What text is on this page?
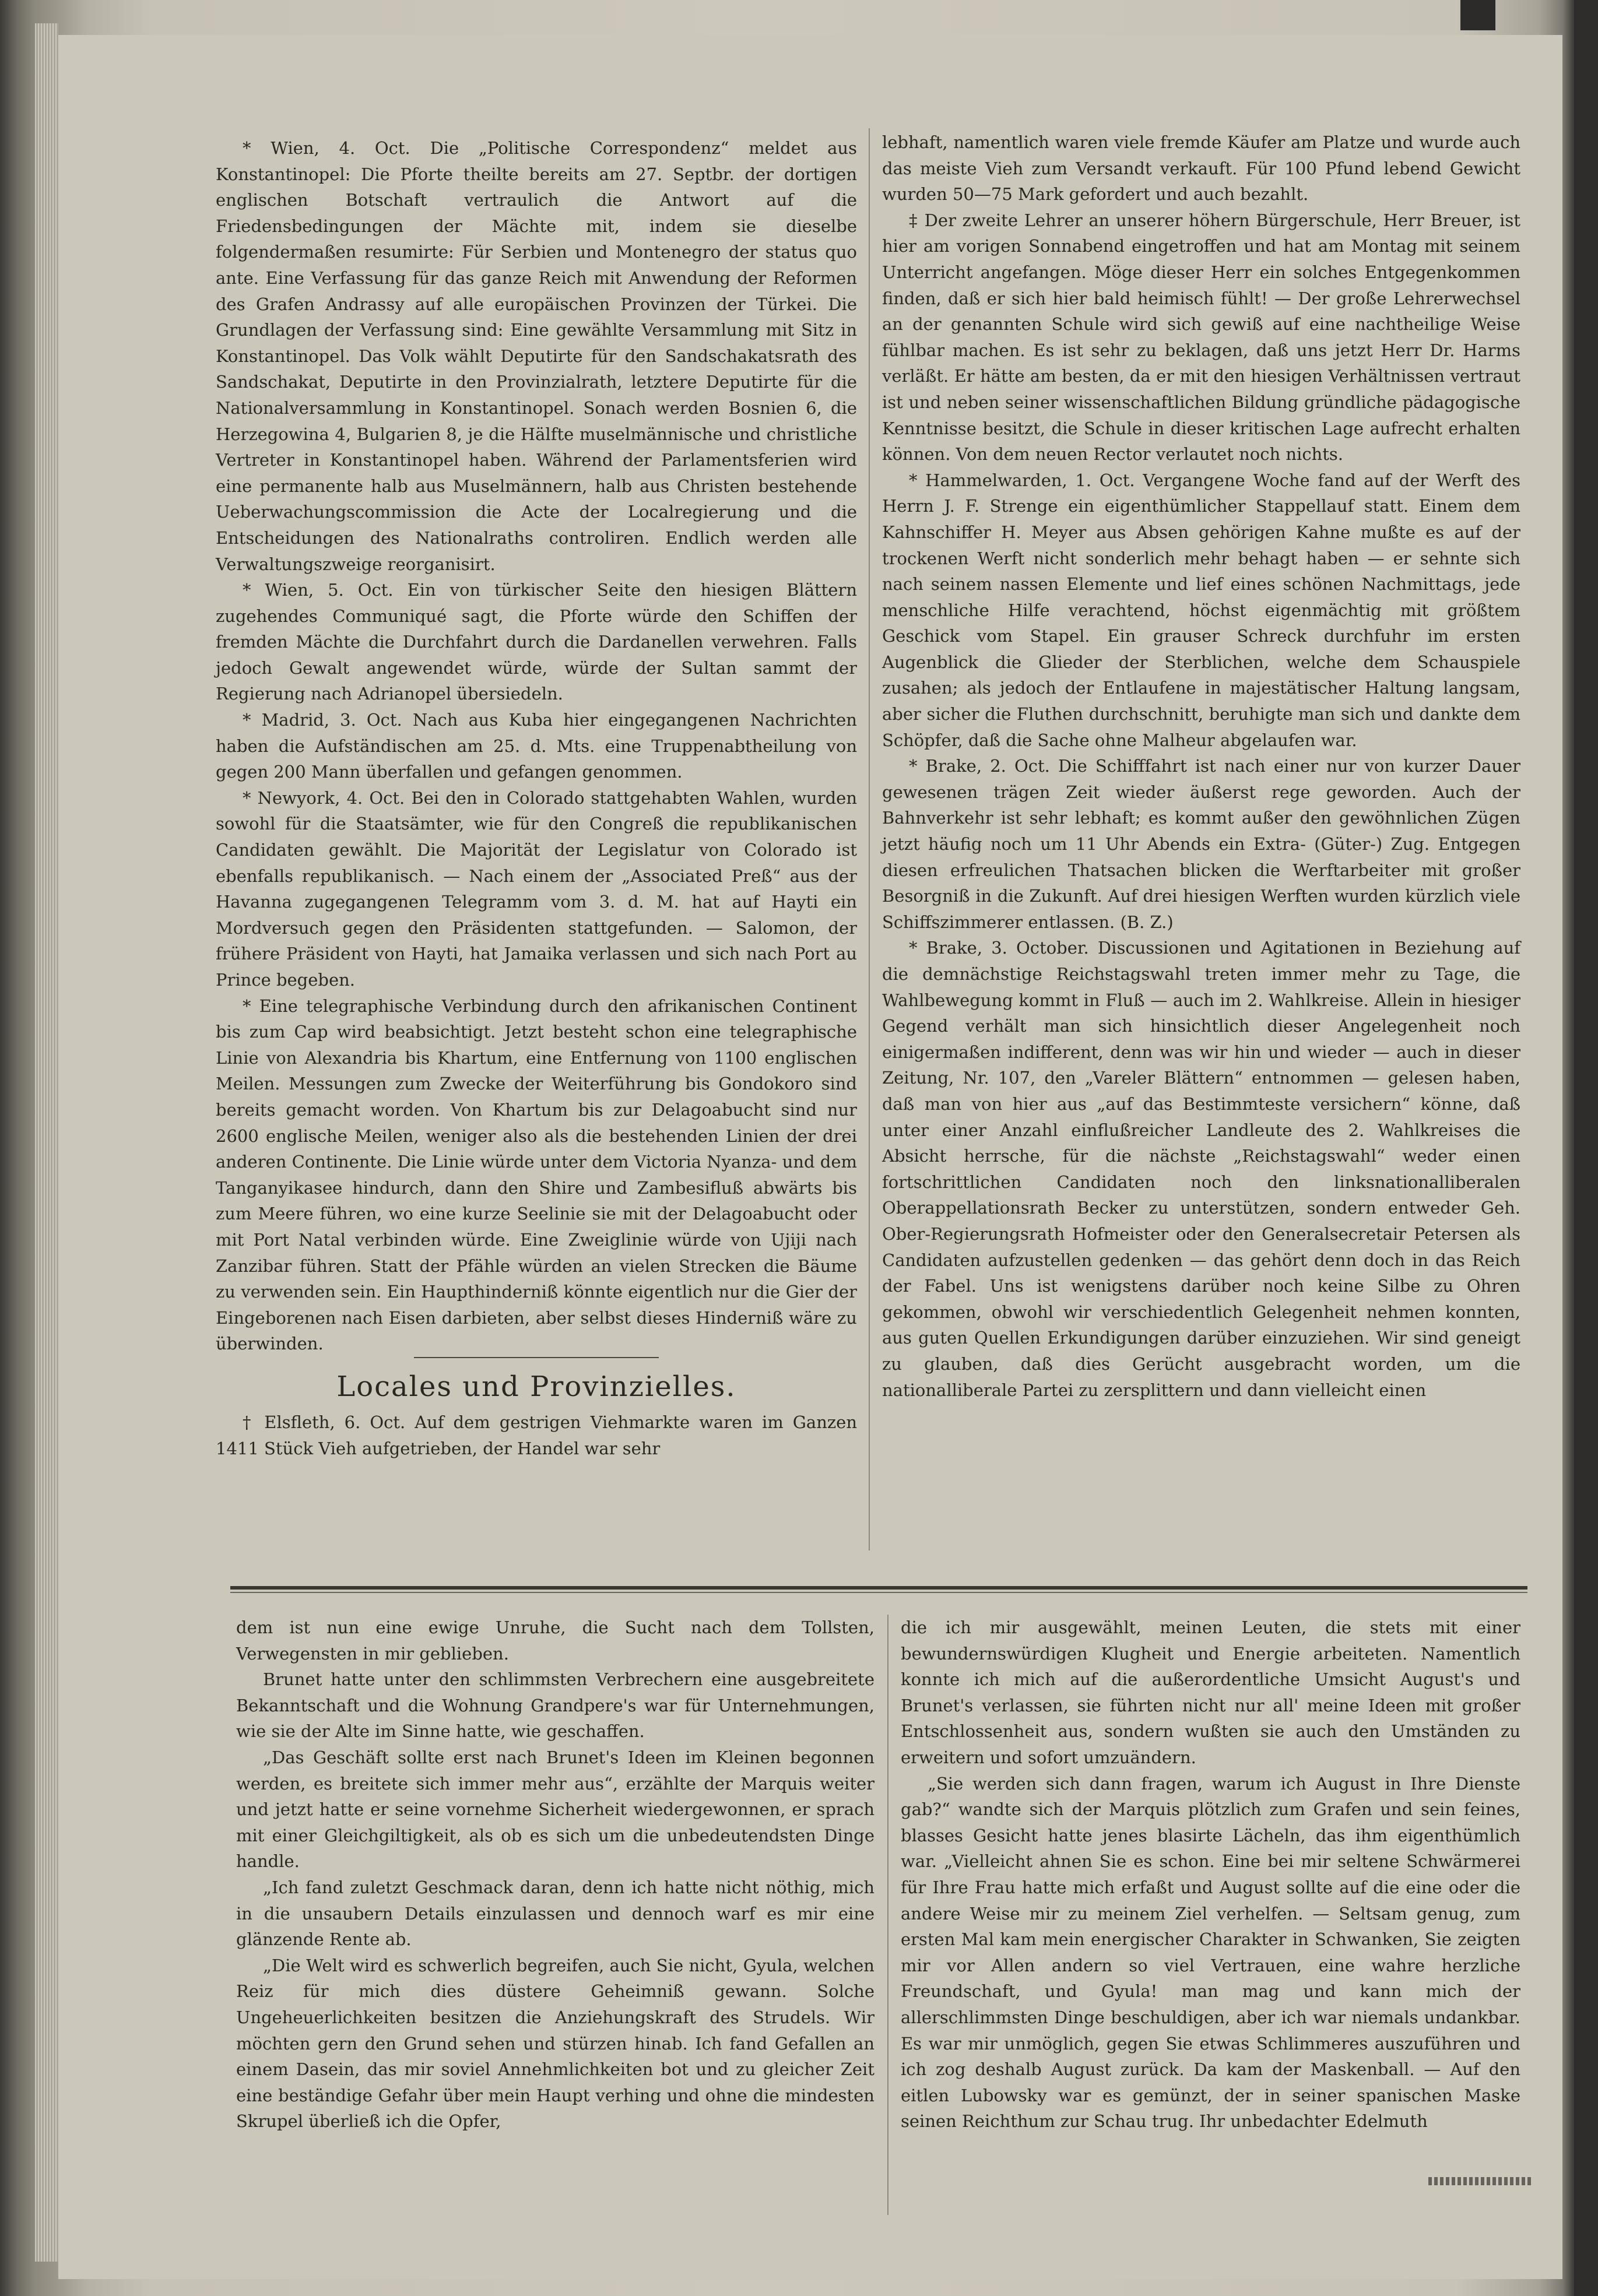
* Wien, 4. Oct. Die „Politische Correspondenz“ meldet aus Konstantinopel: Die Pforte theilte bereits am 27. Septbr. der dortigen englischen Botschaft vertraulich die Antwort auf die Friedensbedingungen der Mächte mit, indem sie dieselbe folgendermaßen resumirte: Für Serbien und Montenegro der status quo ante. Eine Verfassung für das ganze Reich mit Anwendung der Reformen des Grafen Andrassy auf alle europäischen Provinzen der Türkei. Die Grundlagen der Verfassung sind: Eine gewählte Versammlung mit Sitz in Konstantinopel. Das Volk wählt Deputirte für den Sandschakatsrath des Sandschakat, Deputirte in den Provinzialrath, letztere Deputirte für die Nationalversammlung in Konstantinopel. Sonach werden Bosnien 6, die Herzegowina 4, Bulgarien 8, je die Hälfte muselmännische und christliche Vertreter in Konstantinopel haben. Während der Parlamentsferien wird eine permanente halb aus Muselmännern, halb aus Christen bestehende Ueberwachungscommission die Acte der Localregierung und die Entscheidungen des Nationalraths controliren. Endlich werden alle Verwaltungszweige reorganisirt.

* Wien, 5. Oct. Ein von türkischer Seite den hiesigen Blättern zugehendes Communiqué sagt, die Pforte würde den Schiffen der fremden Mächte die Durchfahrt durch die Dardanellen verwehren. Falls jedoch Gewalt angewendet würde, würde der Sultan sammt der Regierung nach Adrianopel übersiedeln.

* Madrid, 3. Oct. Nach aus Kuba hier eingegangenen Nachrichten haben die Aufständischen am 25. d. Mts. eine Truppenabtheilung von gegen 200 Mann überfallen und gefangen genommen.

* Newyork, 4. Oct. Bei den in Colorado stattgehabten Wahlen, wurden sowohl für die Staatsämter, wie für den Congreß die republikanischen Candidaten gewählt. Die Majorität der Legislatur von Colorado ist ebenfalls republikanisch. — Nach einem der „Associated Preß“ aus der Havanna zugegangenen Telegramm vom 3. d. M. hat auf Hayti ein Mordversuch gegen den Präsidenten stattgefunden. — Salomon, der frühere Präsident von Hayti, hat Jamaika verlassen und sich nach Port au Prince begeben.

* Eine telegraphische Verbindung durch den afrikanischen Continent bis zum Cap wird beabsichtigt. Jetzt besteht schon eine telegraphische Linie von Alexandria bis Khartum, eine Entfernung von 1100 englischen Meilen. Messungen zum Zwecke der Weiterführung bis Gondokoro sind bereits gemacht worden. Von Khartum bis zur Delagoabucht sind nur 2600 englische Meilen, weniger also als die bestehenden Linien der drei anderen Continente. Die Linie würde unter dem Victoria Nyanza- und dem Tanganyikasee hindurch, dann den Shire und Zambesifluß abwärts bis zum Meere führen, wo eine kurze Seelinie sie mit der Delagoabucht oder mit Port Natal verbinden würde. Eine Zweiglinie würde von Ujiji nach Zanzibar führen. Statt der Pfähle würden an vielen Strecken die Bäume zu verwenden sein. Ein Haupthinderniß könnte eigentlich nur die Gier der Eingeborenen nach Eisen darbieten, aber selbst dieses Hinderniß wäre zu überwinden.

Locales und Provinzielles.

† Elsfleth, 6. Oct. Auf dem gestrigen Viehmarkte waren im Ganzen 1411 Stück Vieh aufgetrieben, der Handel war sehr

lebhaft, namentlich waren viele fremde Käufer am Platze und wurde auch das meiste Vieh zum Versandt verkauft. Für 100 Pfund lebend Gewicht wurden 50—75 Mark gefordert und auch bezahlt.

‡ Der zweite Lehrer an unserer höhern Bürgerschule, Herr Breuer, ist hier am vorigen Sonnabend eingetroffen und hat am Montag mit seinem Unterricht angefangen. Möge dieser Herr ein solches Entgegenkommen finden, daß er sich hier bald heimisch fühlt! — Der große Lehrerwechsel an der genannten Schule wird sich gewiß auf eine nachtheilige Weise fühlbar machen. Es ist sehr zu beklagen, daß uns jetzt Herr Dr. Harms verläßt. Er hätte am besten, da er mit den hiesigen Verhältnissen vertraut ist und neben seiner wissenschaftlichen Bildung gründliche pädagogische Kenntnisse besitzt, die Schule in dieser kritischen Lage aufrecht erhalten können. Von dem neuen Rector verlautet noch nichts.

* Hammelwarden, 1. Oct. Vergangene Woche fand auf der Werft des Herrn J. F. Strenge ein eigenthümlicher Stappellauf statt. Einem dem Kahnschiffer H. Meyer aus Absen gehörigen Kahne mußte es auf der trockenen Werft nicht sonderlich mehr behagt haben — er sehnte sich nach seinem nassen Elemente und lief eines schönen Nachmittags, jede menschliche Hilfe verachtend, höchst eigenmächtig mit größtem Geschick vom Stapel. Ein grauser Schreck durchfuhr im ersten Augenblick die Glieder der Sterblichen, welche dem Schauspiele zusahen; als jedoch der Entlaufene in majestätischer Haltung langsam, aber sicher die Fluthen durchschnitt, beruhigte man sich und dankte dem Schöpfer, daß die Sache ohne Malheur abgelaufen war.

* Brake, 2. Oct. Die Schifffahrt ist nach einer nur von kurzer Dauer gewesenen trägen Zeit wieder äußerst rege geworden. Auch der Bahnverkehr ist sehr lebhaft; es kommt außer den gewöhnlichen Zügen jetzt häufig noch um 11 Uhr Abends ein Extra- (Güter-) Zug. Entgegen diesen erfreulichen Thatsachen blicken die Werftarbeiter mit großer Besorgniß in die Zukunft. Auf drei hiesigen Werften wurden kürzlich viele Schiffszimmerer entlassen. (B. Z.)

* Brake, 3. October. Discussionen und Agitationen in Beziehung auf die demnächstige Reichstagswahl treten immer mehr zu Tage, die Wahlbewegung kommt in Fluß — auch im 2. Wahlkreise. Allein in hiesiger Gegend verhält man sich hinsichtlich dieser Angelegenheit noch einigermaßen indifferent, denn was wir hin und wieder — auch in dieser Zeitung, Nr. 107, den „Vareler Blättern“ entnommen — gelesen haben, daß man von hier aus „auf das Bestimmteste versichern“ könne, daß unter einer Anzahl einflußreicher Landleute des 2. Wahlkreises die Absicht herrsche, für die nächste „Reichstagswahl“ weder einen fortschrittlichen Candidaten noch den linksnationalliberalen Oberappellationsrath Becker zu unterstützen, sondern entweder Geh. Ober-Regierungsrath Hofmeister oder den Generalsecretair Petersen als Candidaten aufzustellen gedenken — das gehört denn doch in das Reich der Fabel. Uns ist wenigstens darüber noch keine Silbe zu Ohren gekommen, obwohl wir verschiedentlich Gelegenheit nehmen konnten, aus guten Quellen Erkundigungen darüber einzuziehen. Wir sind geneigt zu glauben, daß dies Gerücht ausgebracht worden, um die nationalliberale Partei zu zersplittern und dann vielleicht einen

dem ist nun eine ewige Unruhe, die Sucht nach dem Tollsten, Verwegensten in mir geblieben.

Brunet hatte unter den schlimmsten Verbrechern eine ausgebreitete Bekanntschaft und die Wohnung Grandpere's war für Unternehmungen, wie sie der Alte im Sinne hatte, wie geschaffen.

„Das Geschäft sollte erst nach Brunet's Ideen im Kleinen begonnen werden, es breitete sich immer mehr aus“, erzählte der Marquis weiter und jetzt hatte er seine vornehme Sicherheit wiedergewonnen, er sprach mit einer Gleichgiltigkeit, als ob es sich um die unbedeutendsten Dinge handle.

„Ich fand zuletzt Geschmack daran, denn ich hatte nicht nöthig, mich in die unsaubern Details einzulassen und dennoch warf es mir eine glänzende Rente ab.

„Die Welt wird es schwerlich begreifen, auch Sie nicht, Gyula, welchen Reiz für mich dies düstere Geheimniß gewann. Solche Ungeheuerlichkeiten besitzen die Anziehungskraft des Strudels. Wir möchten gern den Grund sehen und stürzen hinab. Ich fand Gefallen an einem Dasein, das mir soviel Annehmlichkeiten bot und zu gleicher Zeit eine beständige Gefahr über mein Haupt verhing und ohne die mindesten Skrupel überließ ich die Opfer,

die ich mir ausgewählt, meinen Leuten, die stets mit einer bewundernswürdigen Klugheit und Energie arbeiteten. Namentlich konnte ich mich auf die außerordentliche Umsicht August's und Brunet's verlassen, sie führten nicht nur all' meine Ideen mit großer Entschlossenheit aus, sondern wußten sie auch den Umständen zu erweitern und sofort umzuändern.

„Sie werden sich dann fragen, warum ich August in Ihre Dienste gab?“ wandte sich der Marquis plötzlich zum Grafen und sein feines, blasses Gesicht hatte jenes blasirte Lächeln, das ihm eigenthümlich war. „Vielleicht ahnen Sie es schon. Eine bei mir seltene Schwärmerei für Ihre Frau hatte mich erfaßt und August sollte auf die eine oder die andere Weise mir zu meinem Ziel verhelfen. — Seltsam genug, zum ersten Mal kam mein energischer Charakter in Schwanken, Sie zeigten mir vor Allen andern so viel Vertrauen, eine wahre herzliche Freundschaft, und Gyula! man mag und kann mich der allerschlimmsten Dinge beschuldigen, aber ich war niemals undankbar. Es war mir unmöglich, gegen Sie etwas Schlimmeres auszuführen und ich zog deshalb August zurück. Da kam der Maskenball. — Auf den eitlen Lubowsky war es gemünzt, der in seiner spanischen Maske seinen Reichthum zur Schau trug. Ihr unbedachter Edelmuth
